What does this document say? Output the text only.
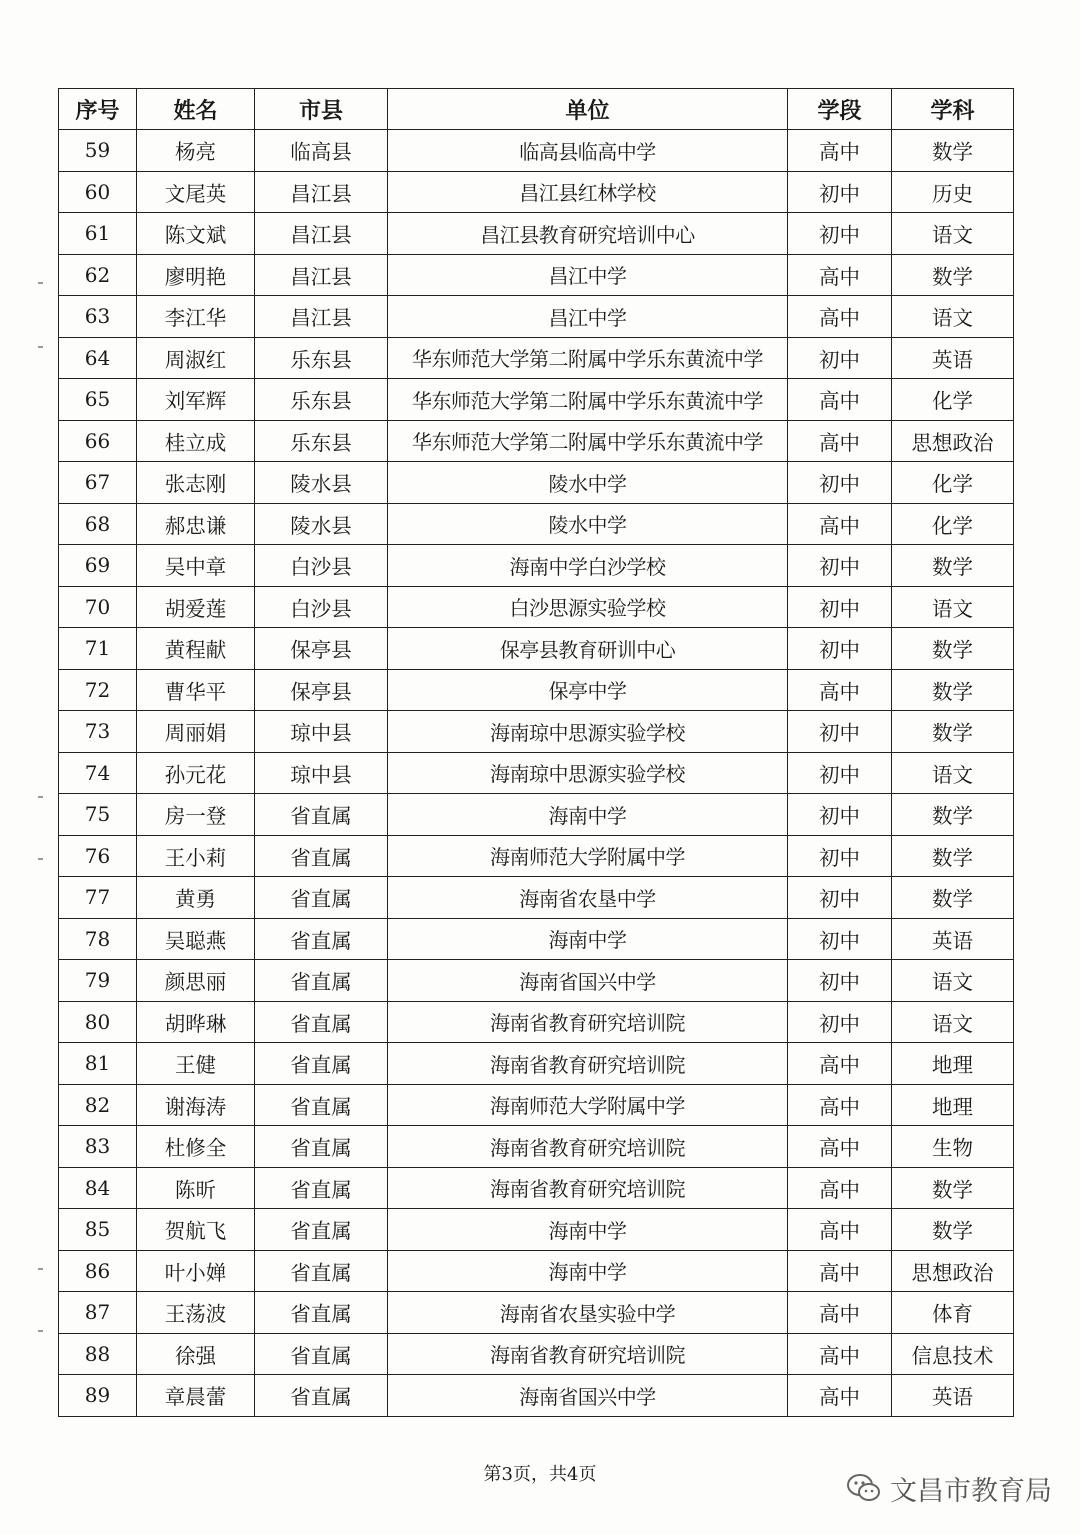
序号	姓名	市县	单位	学段	学科
59	杨亮	临高县	临高县临高中学	高中	数学
60	文尾英	昌江县	昌江县红林学校	初中	历史
61	陈文斌	昌江县	昌江县教育研究培训中心	初中	语文
62	廖明艳	昌江县	昌江中学	高中	数学
63	李江华	昌江县	昌江中学	高中	语文
64	周淑红	乐东县	华东师范大学第二附属中学乐东黄流中学	初中	英语
65	刘军辉	乐东县	华东师范大学第二附属中学乐东黄流中学	高中	化学
66	桂立成	乐东县	华东师范大学第二附属中学乐东黄流中学	高中	思想政治
67	张志刚	陵水县	陵水中学	初中	化学
68	郝忠谦	陵水县	陵水中学	高中	化学
69	吴中章	白沙县	海南中学白沙学校	初中	数学
70	胡爱莲	白沙县	白沙思源实验学校	初中	语文
71	黄程献	保亭县	保亭县教育研训中心	初中	数学
72	曹华平	保亭县	保亭中学	高中	数学
73	周丽娟	琼中县	海南琼中思源实验学校	初中	数学
74	孙元花	琼中县	海南琼中思源实验学校	初中	语文
75	房一登	省直属	海南中学	初中	数学
76	王小莉	省直属	海南师范大学附属中学	初中	数学
77	黄勇	省直属	海南省农垦中学	初中	数学
78	吴聪燕	省直属	海南中学	初中	英语
79	颜思丽	省直属	海南省国兴中学	初中	语文
80	胡晔琳	省直属	海南省教育研究培训院	初中	语文
81	王健	省直属	海南省教育研究培训院	高中	地理
82	谢海涛	省直属	海南师范大学附属中学	高中	地理
83	杜修全	省直属	海南省教育研究培训院	高中	生物
84	陈昕	省直属	海南省教育研究培训院	高中	数学
85	贺航飞	省直属	海南中学	高中	数学
86	叶小婵	省直属	海南中学	高中	思想政治
87	王荡波	省直属	海南省农垦实验中学	高中	体育
88	徐强	省直属	海南省教育研究培训院	高中	信息技术
89	章晨蕾	省直属	海南省国兴中学	高中	英语
第3页，共4页
文昌市教育局
